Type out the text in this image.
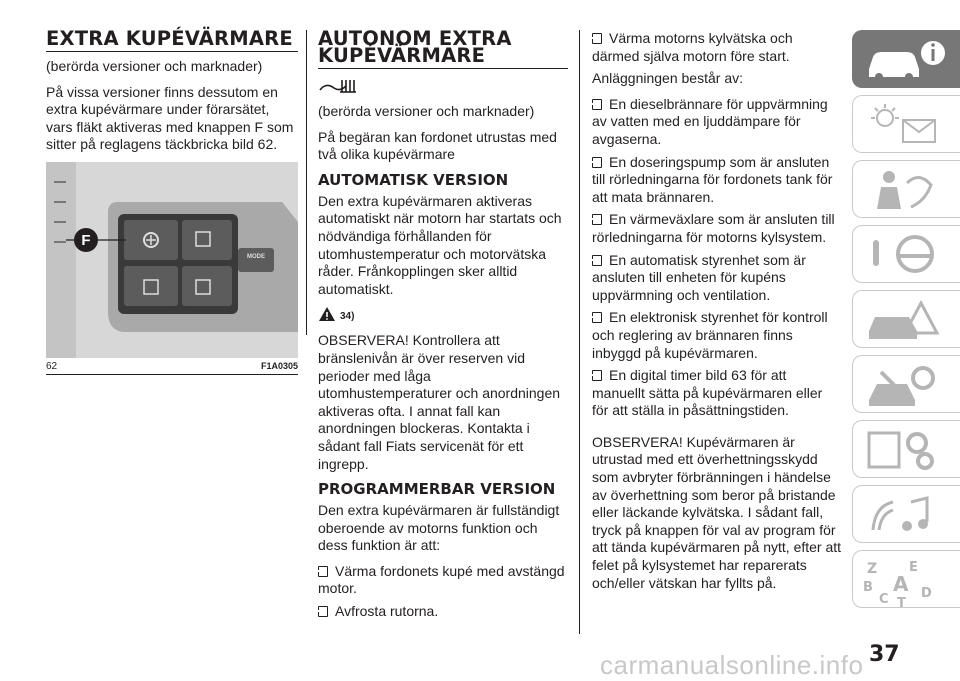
EXTRA KUPÉVÄRMARE

(berörda versioner och marknader)

På vissa versioner finns dessutom en extra kupévärmare under förarsätet, vars fläkt aktiveras med knappen F som sitter på reglagens täckbricka bild 62.

F
MODE
62	F1A0305
AUTONOM EXTRA KUPÉVÄRMARE

(berörda versioner och marknader)

På begäran kan fordonet utrustas med två olika kupévärmare

AUTOMATISK VERSION

Den extra kupévärmaren aktiveras automatiskt när motorn har startats och nödvändiga förhållanden för utomhustemperatur och motorvätska råder. Frånkopplingen sker alltid automatiskt.

34)

OBSERVERA! Kontrollera att bränslenivån är över reserven vid perioder med låga utomhustemperaturer och anordningen aktiveras ofta. I annat fall kan anordningen blockeras. Kontakta i sådant fall Fiats servicenät för ett ingrepp.

PROGRAMMERBAR VERSION

Den extra kupévärmaren är fullständigt oberoende av motorns funktion och dess funktion är att:

Värma fordonets kupé med avstängd motor.
Avfrosta rutorna.
Värma motorns kylvätska och därmed själva motorn före start.

Anläggningen består av:

En dieselbrännare för uppvärmning av vatten med en ljuddämpare för avgaserna.
En doseringspump som är ansluten till rörledningarna för fordonets tank för att mata brännaren.
En värmeväxlare som är ansluten till rörledningarna för motorns kylsystem.
En automatisk styrenhet som är ansluten till enheten för kupéns uppvärmning och ventilation.
En elektronisk styrenhet för kontroll och reglering av brännaren finns inbyggd på kupévärmaren.
En digital timer bild 63 för att manuellt sätta på kupévärmaren eller för att ställa in påsättningstiden.

OBSERVERA! Kupévärmaren är utrustad med ett överhettningsskydd som avbryter förbränningen i händelse av överhettning som beror på bristande eller läckande kylvätska. I sådant fall, tryck på knappen för val av program för att tända kupévärmaren på nytt, efter att felet på kylsystemet har reparerats och/eller vätskan har fyllts på.

Z E
B A
C T
D
37
carmanualsonline.info
